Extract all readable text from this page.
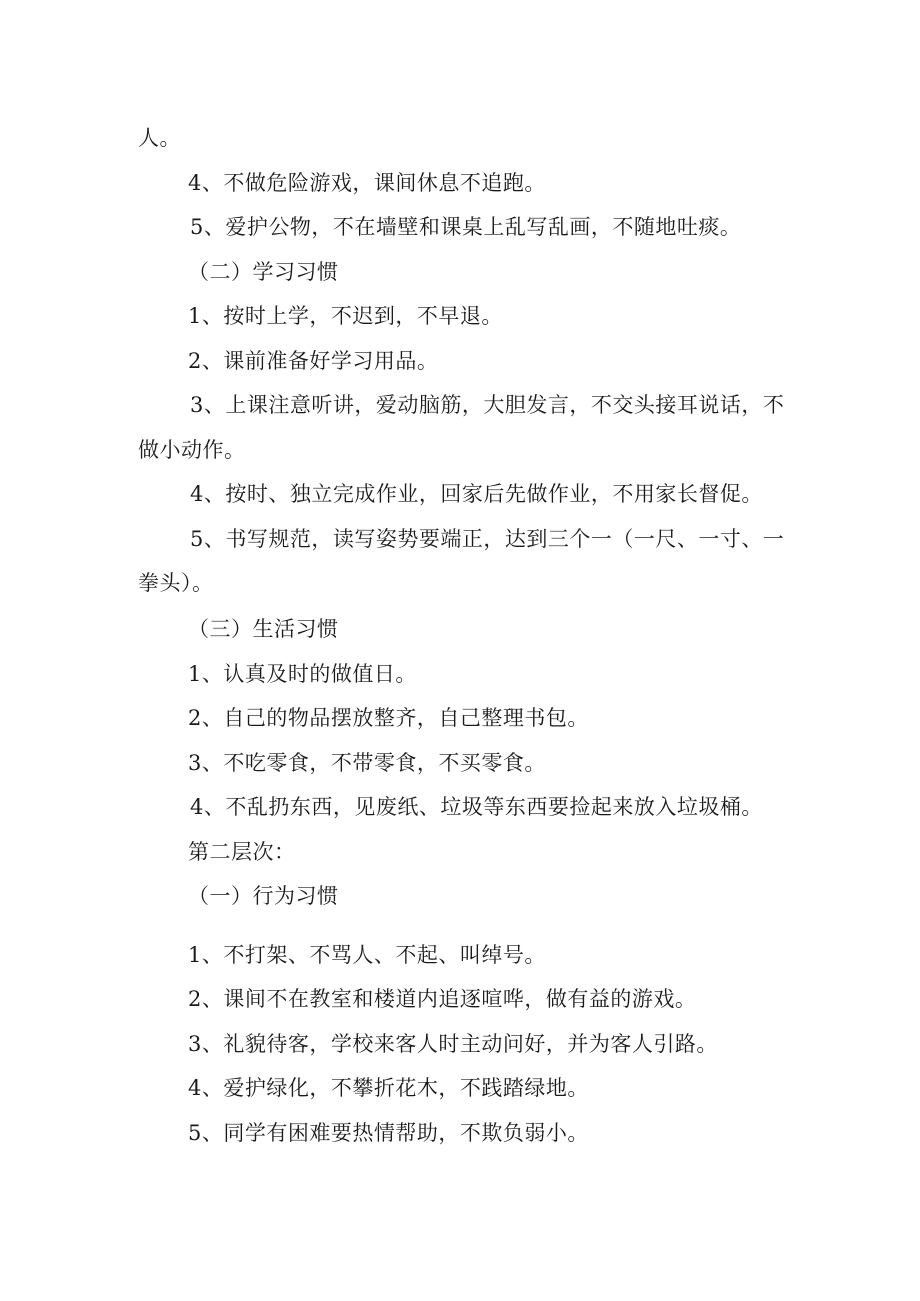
人。
4、不做危险游戏，课间休息不追跑。
5、爱护公物，不在墙壁和课桌上乱写乱画，不随地吐痰。
（二）学习习惯
1、按时上学，不迟到，不早退。
2、课前准备好学习用品。
3、上课注意听讲，爱动脑筋，大胆发言，不交头接耳说话，不
做小动作。
4、按时、独立完成作业，回家后先做作业，不用家长督促。
5、书写规范，读写姿势要端正，达到三个一（一尺、一寸、一
拳头）。
（三）生活习惯
1、认真及时的做值日。
2、自己的物品摆放整齐，自己整理书包。
3、不吃零食，不带零食，不买零食。
4、不乱扔东西，见废纸、垃圾等东西要捡起来放入垃圾桶。
第二层次：
（一）行为习惯
1、不打架、不骂人、不起、叫绰号。
2、课间不在教室和楼道内追逐喧哗，做有益的游戏。
3、礼貌待客，学校来客人时主动问好，并为客人引路。
4、爱护绿化，不攀折花木，不践踏绿地。
5、同学有困难要热情帮助，不欺负弱小。
